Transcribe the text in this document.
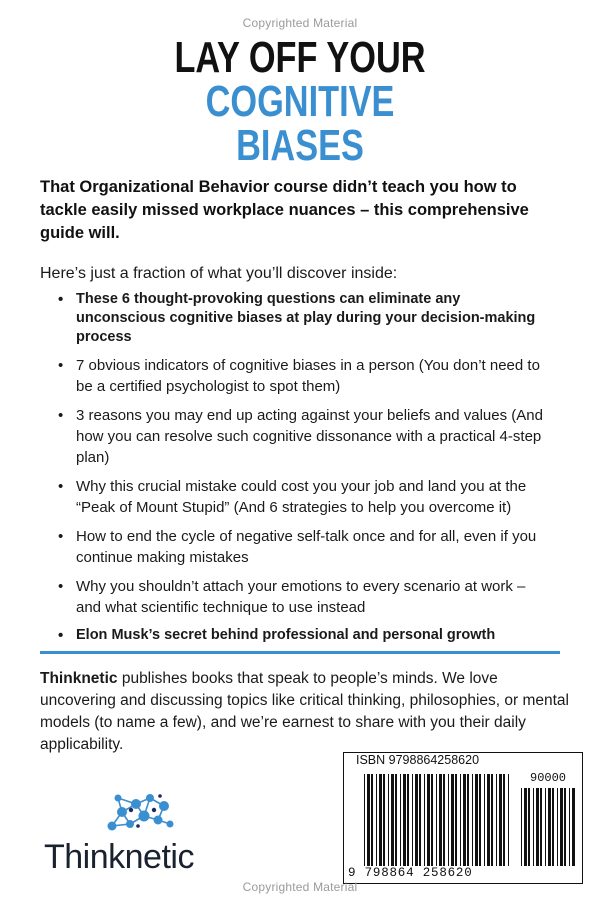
Copyrighted Material
LAY OFF YOUR
COGNITIVE
BIASES
That Organizational Behavior course didn’t teach you how to tackle easily missed workplace nuances – this comprehensive guide will.
Here’s just a fraction of what you’ll discover inside:
• These 6 thought-provoking questions can eliminate any unconscious cognitive biases at play during your decision-making process
• 7 obvious indicators of cognitive biases in a person (You don’t need to be a certified psychologist to spot them)
• 3 reasons you may end up acting against your beliefs and values (And how you can resolve such cognitive dissonance with a practical 4-step plan)
• Why this crucial mistake could cost you your job and land you at the “Peak of Mount Stupid” (And 6 strategies to help you overcome it)
• How to end the cycle of negative self-talk once and for all, even if you continue making mistakes
• Why you shouldn’t attach your emotions to every scenario at work – and what scientific technique to use instead
• Elon Musk’s secret behind professional and personal growth
Thinknetic publishes books that speak to people’s minds. We love uncovering and discussing topics like critical thinking, philosophies, or mental models (to name a few), and we’re earnest to share with you their daily applicability.
Thinknetic
ISBN 9798864258620
90000
9 798864 258620
Copyrighted Material
